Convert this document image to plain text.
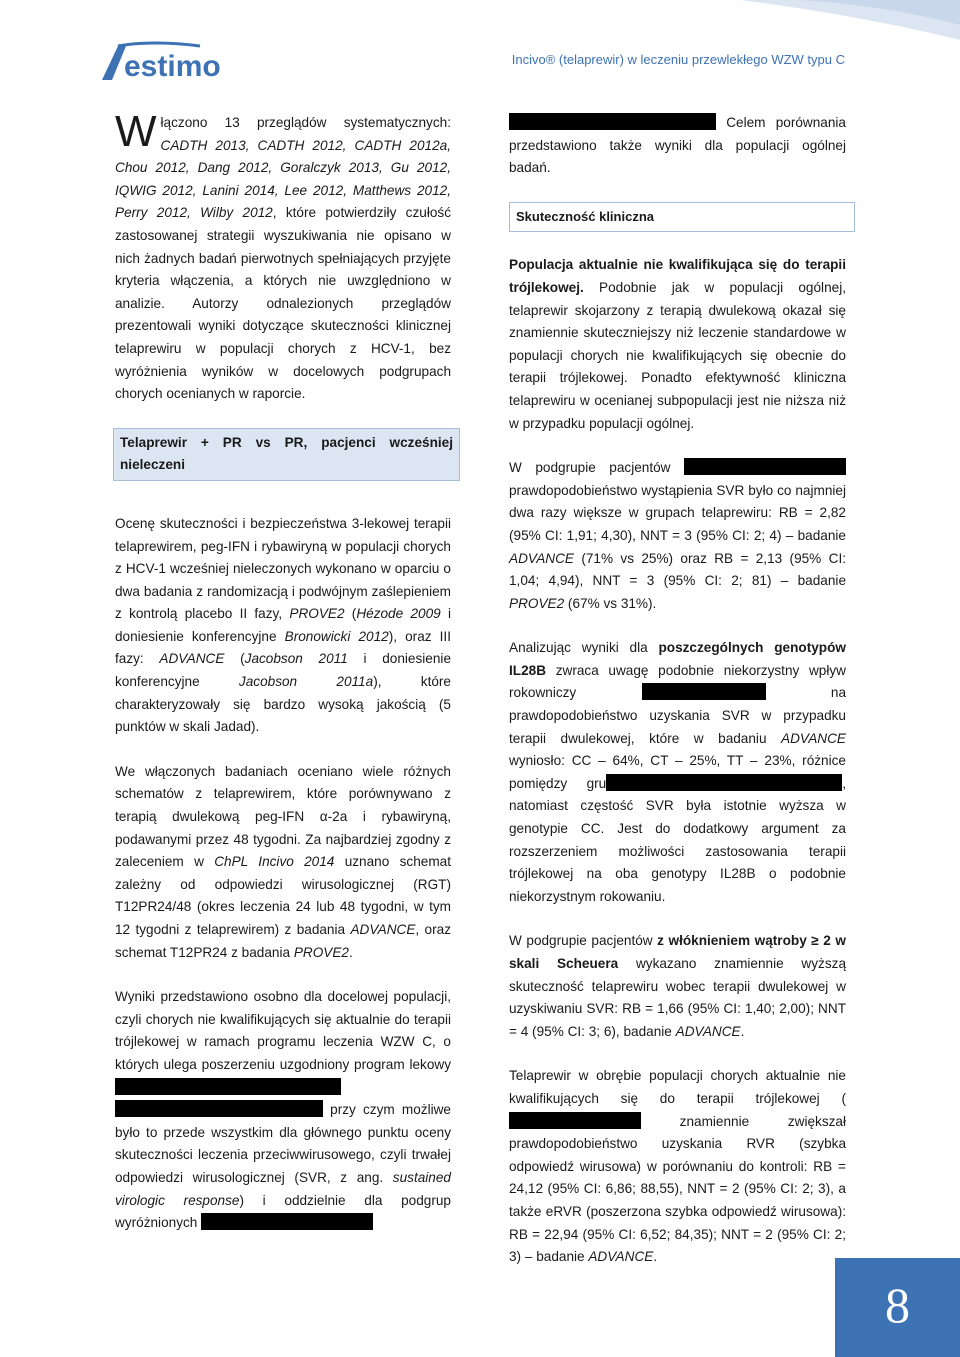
estimo	Incivo® (telaprewir) w leczeniu przewlekłego WZW typu C

Włączono 13 przeglądów systematycznych: CADTH 2013, CADTH 2012, CADTH 2012a, Chou 2012, Dang 2012, Goralczyk 2013, Gu 2012, IQWIG 2012, Lanini 2014, Lee 2012, Matthews 2012, Perry 2012, Wilby 2012, które potwierdziły czułość zastosowanej strategii wyszukiwania nie opisano w nich żadnych badań pierwotnych spełniających przyjęte kryteria włączenia, a których nie uwzględniono w analizie. Autorzy odnalezionych przeglądów prezentowali wyniki dotyczące skuteczności klinicznej telaprewiru w populacji chorych z HCV-1, bez wyróżnienia wyników w docelowych podgrupach chorych ocenianych w raporcie.

Telaprewir + PR vs PR, pacjenci wcześniej nieleczeni

Ocenę skuteczności i bezpieczeństwa 3-lekowej terapii telaprewirem, peg-IFN i rybawiryną w populacji chorych z HCV-1 wcześniej nieleczonych wykonano w oparciu o dwa badania z randomizacją i podwójnym zaślepieniem z kontrolą placebo II fazy, PROVE2 (Hézode 2009 i doniesienie konferencyjne Bronowicki 2012), oraz III fazy: ADVANCE (Jacobson 2011 i doniesienie konferencyjne Jacobson 2011a), które charakteryzowały się bardzo wysoką jakością (5 punktów w skali Jadad).

We włączonych badaniach oceniano wiele różnych schematów z telaprewirem, które porównywano z terapią dwulekową peg-IFN α-2a i rybawiryną, podawanymi przez 48 tygodni. Za najbardziej zgodny z zaleceniem w ChPL Incivo 2014 uznano schemat zależny od odpowiedzi wirusologicznej (RGT) T12PR24/48 (okres leczenia 24 lub 48 tygodni, w tym 12 tygodni z telaprewirem) z badania ADVANCE, oraz schemat T12PR24 z badania PROVE2.

Wyniki przedstawiono osobno dla docelowej populacji, czyli chorych nie kwalifikujących się aktualnie do terapii trójlekowej w ramach programu leczenia WZW C, o których ulega poszerzeniu uzgodniony program lekowy   przy czym możliwe było to przede wszystkim dla głównego punktu oceny skuteczności leczenia przeciwwirusowego, czyli trwałej odpowiedzi wirusologicznej (SVR, z ang. sustained virologic response) i oddzielnie dla podgrup wyróżnionych

Celem porównania przedstawiono także wyniki dla populacji ogólnej badań.

Skuteczność kliniczna

Populacja aktualnie nie kwalifikująca się do terapii trójlekowej. Podobnie jak w populacji ogólnej, telaprewir skojarzony z terapią dwulekową okazał się znamiennie skuteczniejszy niż leczenie standardowe w populacji chorych nie kwalifikujących się obecnie do terapii trójlekowej. Ponadto efektywność kliniczna telaprewiru w ocenianej subpopulacji jest nie niższa niż w przypadku populacji ogólnej.

W podgrupie pacjentów  prawdopodobieństwo wystąpienia SVR było co najmniej dwa razy większe w grupach telaprewiru: RB = 2,82 (95% CI: 1,91; 4,30), NNT = 3 (95% CI: 2; 4) – badanie ADVANCE (71% vs 25%) oraz RB = 2,13 (95% CI: 1,04; 4,94), NNT = 3 (95% CI: 2; 81) – badanie PROVE2 (67% vs 31%).

Analizując wyniki dla poszczególnych genotypów IL28B zwraca uwagę podobnie niekorzystny wpływ rokowniczy	na prawdopodobieństwo uzyskania SVR w przypadku terapii dwulekowej, które w badaniu ADVANCE wyniosło: CC – 64%, CT – 25%, TT – 23%, różnice pomiędzy gru	, natomiast częstość SVR była istotnie wyższa w genotypie CC. Jest do dodatkowy argument za rozszerzeniem możliwości zastosowania terapii trójlekowej na oba genotypy IL28B o podobnie niekorzystnym rokowaniu.

W podgrupie pacjentów z włóknieniem wątroby ≥ 2 w skali Scheuera wykazano znamiennie wyższą skuteczność telaprewiru wobec terapii dwulekowej w uzyskiwaniu SVR: RB = 1,66 (95% CI: 1,40; 2,00); NNT = 4 (95% CI: 3; 6), badanie ADVANCE.

Telaprewir w obrębie populacji chorych aktualnie nie kwalifikujących się do terapii trójlekowej ( znamiennie zwiększał prawdopodobieństwo uzyskania RVR (szybka odpowiedź wirusowa) w porównaniu do kontroli: RB = 24,12 (95% CI: 6,86; 88,55), NNT = 2 (95% CI: 2; 3), a także eRVR (poszerzona szybka odpowiedź wirusowa): RB = 22,94 (95% CI: 6,52; 84,35); NNT = 2 (95% CI: 2; 3) – badanie ADVANCE.

8
